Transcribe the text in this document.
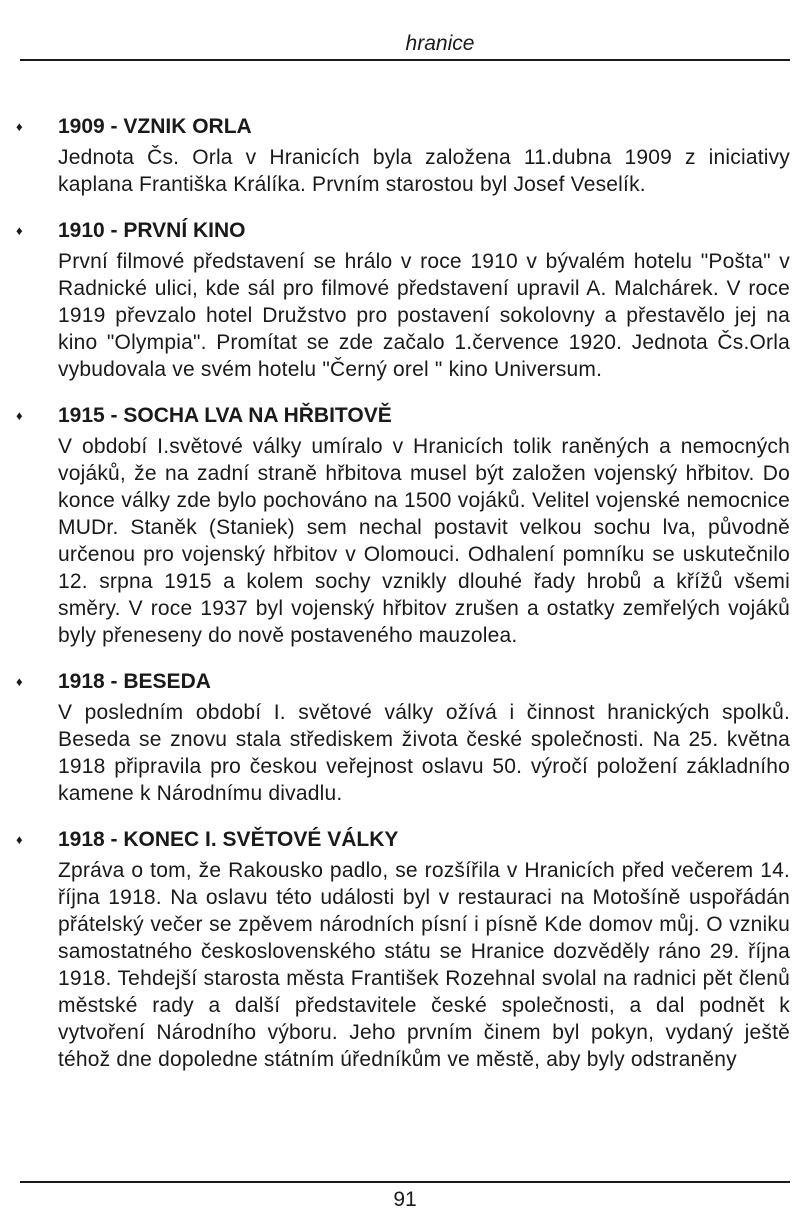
hranice
♦ 1909 - VZNIK ORLA
Jednota Čs. Orla v Hranicích byla založena 11.dubna 1909 z iniciativy kaplana Františka Králíka. Prvním starostou byl Josef Veselík.
♦ 1910 - PRVNÍ KINO
První filmové představení se hrálo v roce 1910 v bývalém hotelu "Pošta" v Radnické ulici, kde sál pro filmové představení upravil A. Malchárek. V roce 1919 převzalo hotel Družstvo pro postavení sokolovny a přestavělo jej na kino "Olympia". Promítat se zde začalo 1.července 1920. Jednota Čs.Orla vybudovala ve svém hotelu "Černý orel " kino Universum.
♦ 1915 - SOCHA LVA NA HŘBITOVĚ
V období I.světové války umíralo v Hranicích tolik raněných a nemocných vojáků, že na zadní straně hřbitova musel být založen vojenský hřbitov. Do konce války zde bylo pochováno na 1500 vojáků. Velitel vojenské nemocnice MUDr. Staněk (Staniek) sem nechal postavit velkou sochu lva, původně určenou pro vojenský hřbitov v Olomouci. Odhalení pomníku se uskutečnilo 12. srpna 1915 a kolem sochy vznikly dlouhé řady hrobů a křížů všemi směry. V roce 1937 byl vojenský hřbitov zrušen a ostatky zemřelých vojáků byly přeneseny do nově postaveného mauzolea.
♦ 1918 - BESEDA
V posledním období I. světové války ožívá i činnost hranických spolků. Beseda se znovu stala střediskem života české společnosti. Na 25. května 1918 připravila pro českou veřejnost oslavu 50. výročí položení základního kamene k Národnímu divadlu.
♦ 1918 - KONEC I. SVĚTOVÉ VÁLKY
Zpráva o tom, že Rakousko padlo, se rozšířila v Hranicích před večerem 14. října 1918. Na oslavu této události byl v restauraci na Motošíně uspořádán přátelský večer se zpěvem národních písní i písně Kde domov můj. O vzniku samostatného československého státu se Hranice dozvěděly ráno 29. října 1918. Tehdejší starosta města František Rozehnal svolal na radnici pět členů městské rady a další představitele české společnosti, a dal podnět k vytvoření Národního výboru. Jeho prvním činem byl pokyn, vydaný ještě téhož dne dopoledne státním úředníkům ve městě, aby byly odstraněny
91
